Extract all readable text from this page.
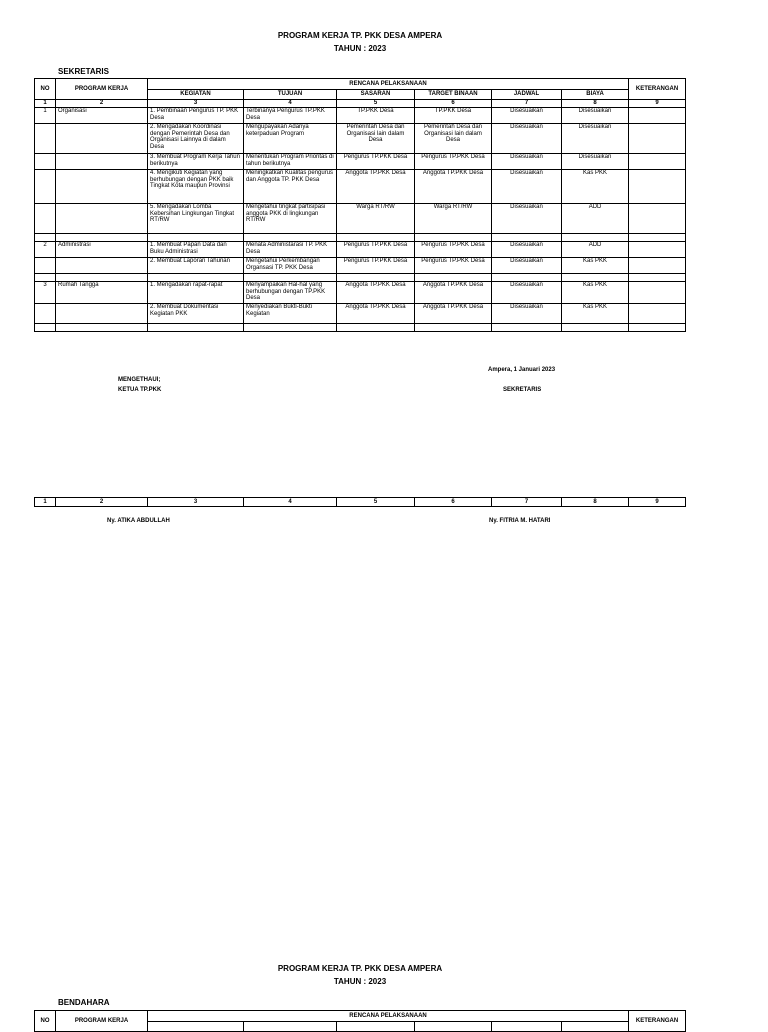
PROGRAM KERJA TP. PKK DESA AMPERA
TAHUN : 2023
SEKRETARIS
NO	PROGRAM KERJA	RENCANA PELAKSANAAN						KETERANGAN
		KEGIATAN	TUJUAN	SASARAN	TARGET BINAAN	JADWAL	BIAYA	
1	2	3	4	5	6	7	8	9
1	Organisasi	1. Pembinaan Pengurus TP. PKK Desa	Terbinanya Pengurus TP.PKK Desa	TP.PKK Desa	TP.PKK Desa	Disesuaikan	Disesuaikan	
		2. Mengadakan Koordinasi dengan Pemerintah Desa dan Organisasi Lainnya di dalam Desa	Mengupayakan Adanya keterpaduan Program	Pemerintah Desa dan Organisasi lain dalam Desa	Pemerintah Desa dan Organisasi lain dalam Desa	Disesuaikan	Disesuaikan	
		3. Membuat Program Kerja Tahun berikutnya	Menentukan Program Prioritas di tahun berikutnya	Pengurus TP.PKK Desa	Pengurus TP.PKK Desa	Disesuaikan	Disesuaikan	
		4. Mengikuti Kegiatan yang berhubungan dengan PKK baik Tingkat Kota maupun Provinsi	Meningkatkan Kualitas pengurus dan Anggota TP. PKK Desa	Anggota TP.PKK Desa	Anggota TP.PKK Desa	Disesuaikan	Kas PKK	
		5. Mengadakan Lomba Kebersihan Lingkungan Tingkat RT/RW	Mengetahui tingkat partisipasi anggota PKK di lingkungan RT/RW	Warga RT/RW	Warga RT/RW	Disesuaikan	ADD	

2	Administrasi	1. Membuat Papan Data dan Buku Administrasi	Menata Administarasi TP. PKK Desa	Pengurus TP.PKK Desa	Pengurus TP.PKK Desa	Disesuaikan	ADD	
		2. Membuat Laporan Tahunan	Mengetahui Perkembangan Organsasi TP. PKK Desa	Pengurus TP.PKK Desa	Pengurus TP.PKK Desa	Disesuaikan	Kas PKK	

3	Rumah Tangga	1. Mengadakan rapat-rapat	Menyampaikan Hal-hal yang berhubungan dengan TP.PKK Desa	Anggota TP.PKK Desa	Anggota TP.PKK Desa	Disesuaikan	Kas PKK	
		2. Membuat Dokumentasi Kegiatan PKK	Menyediakan Bukti-Bukti Kegiatan	Anggota TP.PKK Desa	Anggota TP.PKK Desa	Disesuaikan	Kas PKK	

Ampera, 1 Januari 2023
MENGETHAUI;
KETUA TP.PKK	SEKRETARIS
1	2	3	4	5	6	7	8	9
Ny. ATIKA ABDULLAH	Ny. FITRIA M. HATARI
PROGRAM KERJA TP. PKK DESA AMPERA
TAHUN : 2023
BENDAHARA
NO	PROGRAM KERJA	RENCANA PELAKSANAAN						KETERANGAN
